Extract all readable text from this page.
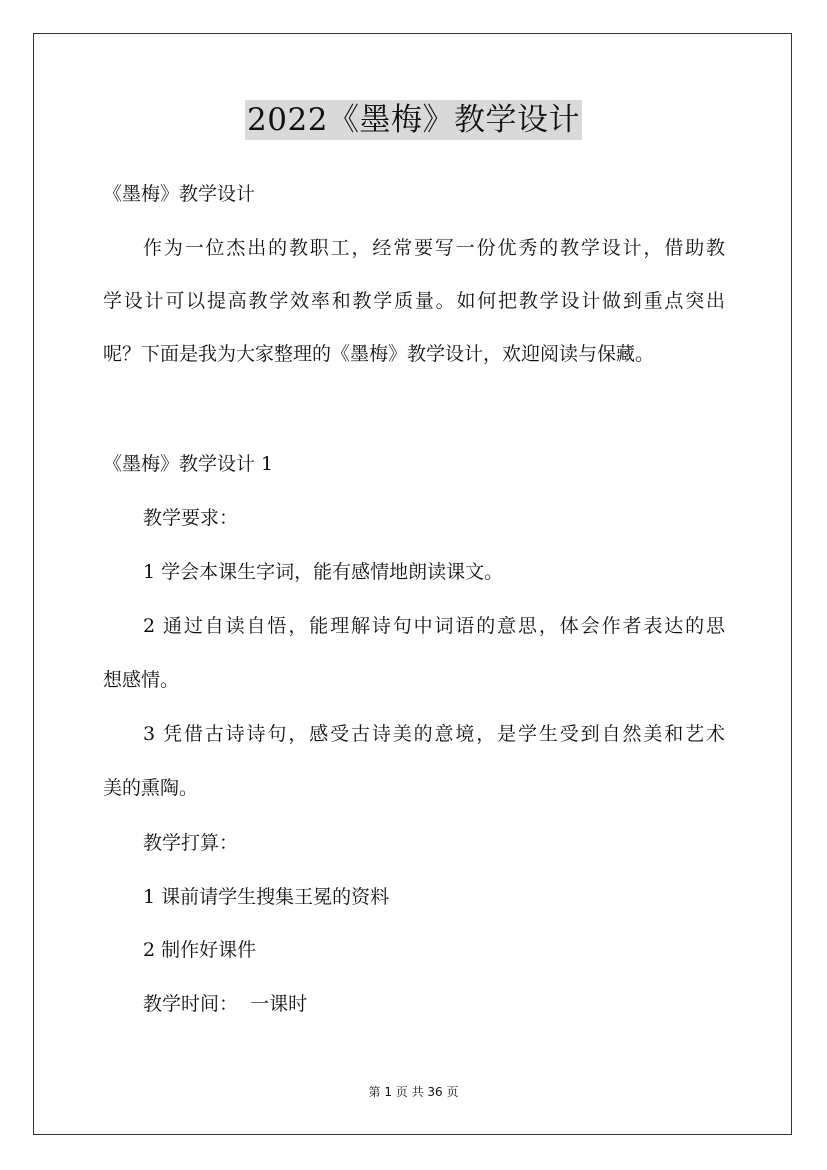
2022《墨梅》教学设计
《墨梅》教学设计
作为一位杰出的教职工，经常要写一份优秀的教学设计，借助教
学设计可以提高教学效率和教学质量。如何把教学设计做到重点突出
呢？下面是我为大家整理的《墨梅》教学设计，欢迎阅读与保藏。
《墨梅》教学设计 1
教学要求：
1 学会本课生字词，能有感情地朗读课文。
2 通过自读自悟，能理解诗句中词语的意思，体会作者表达的思
想感情。
3 凭借古诗诗句，感受古诗美的意境，是学生受到自然美和艺术
美的熏陶。
教学打算：
1 课前请学生搜集王冕的资料
2 制作好课件
教学时间：  一课时
第 1 页 共 36 页
